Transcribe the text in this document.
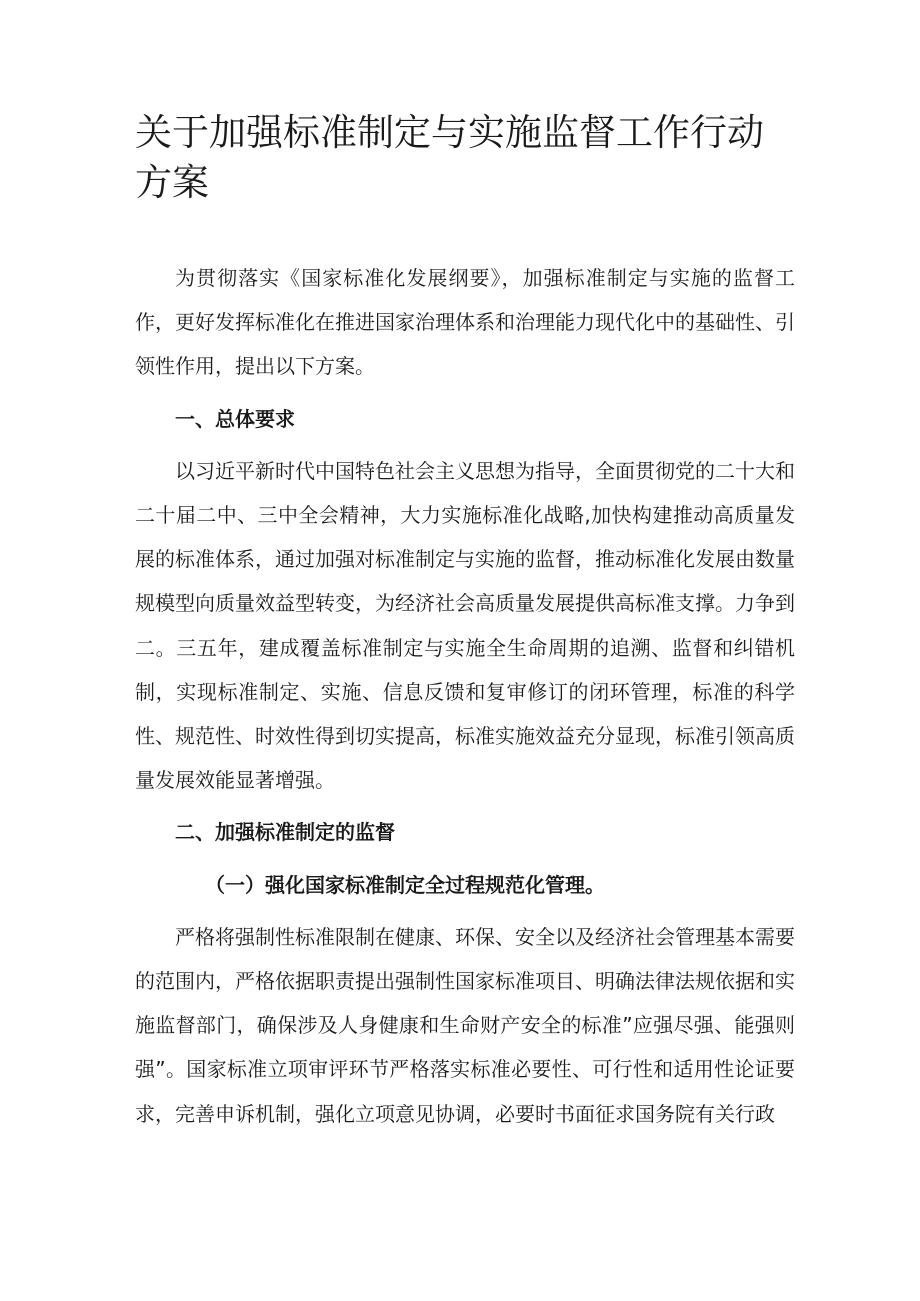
关于加强标准制定与实施监督工作行动方案

为贯彻落实《国家标准化发展纲要》，加强标准制定与实施的监督工作，更好发挥标准化在推进国家治理体系和治理能力现代化中的基础性、引领性作用，提出以下方案。

一、总体要求

以习近平新时代中国特色社会主义思想为指导，全面贯彻党的二十大和二十届二中、三中全会精神，大力实施标准化战略,加快构建推动高质量发展的标准体系，通过加强对标准制定与实施的监督，推动标准化发展由数量规模型向质量效益型转变，为经济社会高质量发展提供高标准支撑。力争到二。三五年，建成覆盖标准制定与实施全生命周期的追溯、监督和纠错机制，实现标准制定、实施、信息反馈和复审修订的闭环管理，标准的科学性、规范性、时效性得到切实提高，标准实施效益充分显现，标准引领高质量发展效能显著增强。

二、加强标准制定的监督

（一）强化国家标准制定全过程规范化管理。

严格将强制性标准限制在健康、环保、安全以及经济社会管理基本需要的范围内，严格依据职责提出强制性国家标准项目、明确法律法规依据和实施监督部门，确保涉及人身健康和生命财产安全的标准”应强尽强、能强则强”。国家标准立项审评环节严格落实标准必要性、可行性和适用性论证要求，完善申诉机制，强化立项意见协调，必要时书面征求国务院有关行政
